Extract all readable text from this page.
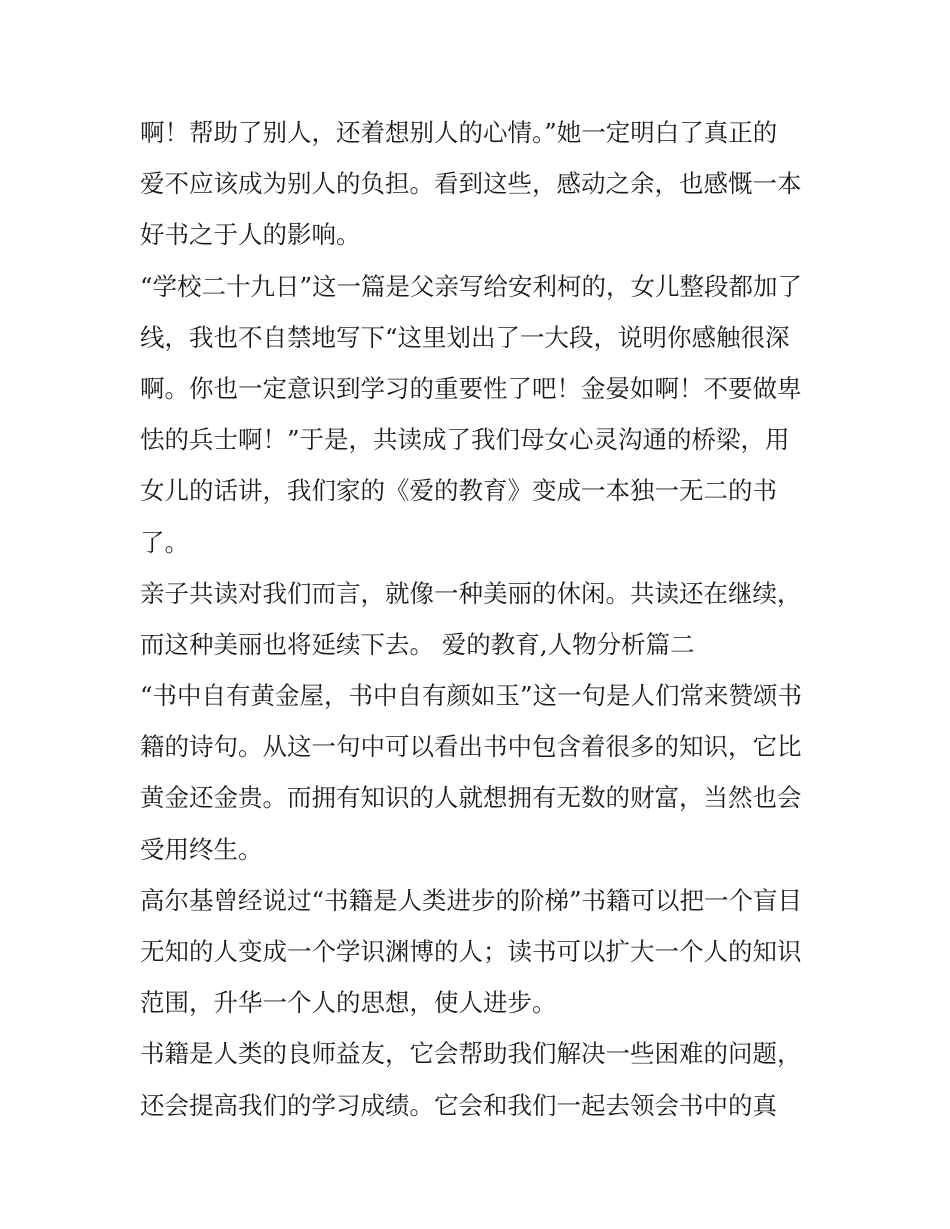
啊！帮助了别人，还着想别人的心情。”她一定明白了真正的
爱不应该成为别人的负担。看到这些，感动之余，也感慨一本
好书之于人的影响。
“学校二十九日”这一篇是父亲写给安利柯的，女儿整段都加了
线，我也不自禁地写下“这里划出了一大段，说明你感触很深
啊。你也一定意识到学习的重要性了吧！金晏如啊！不要做卑
怯的兵士啊！”于是，共读成了我们母女心灵沟通的桥梁，用
女儿的话讲，我们家的《爱的教育》变成一本独一无二的书
了。
亲子共读对我们而言，就像一种美丽的休闲。共读还在继续，
而这种美丽也将延续下去。 爱的教育,人物分析篇二
“书中自有黄金屋，书中自有颜如玉”这一句是人们常来赞颂书
籍的诗句。从这一句中可以看出书中包含着很多的知识，它比
黄金还金贵。而拥有知识的人就想拥有无数的财富，当然也会
受用终生。
高尔基曾经说过“书籍是人类进步的阶梯”书籍可以把一个盲目
无知的人变成一个学识渊博的人；读书可以扩大一个人的知识
范围，升华一个人的思想，使人进步。
书籍是人类的良师益友，它会帮助我们解决一些困难的问题，
还会提高我们的学习成绩。它会和我们一起去领会书中的真
